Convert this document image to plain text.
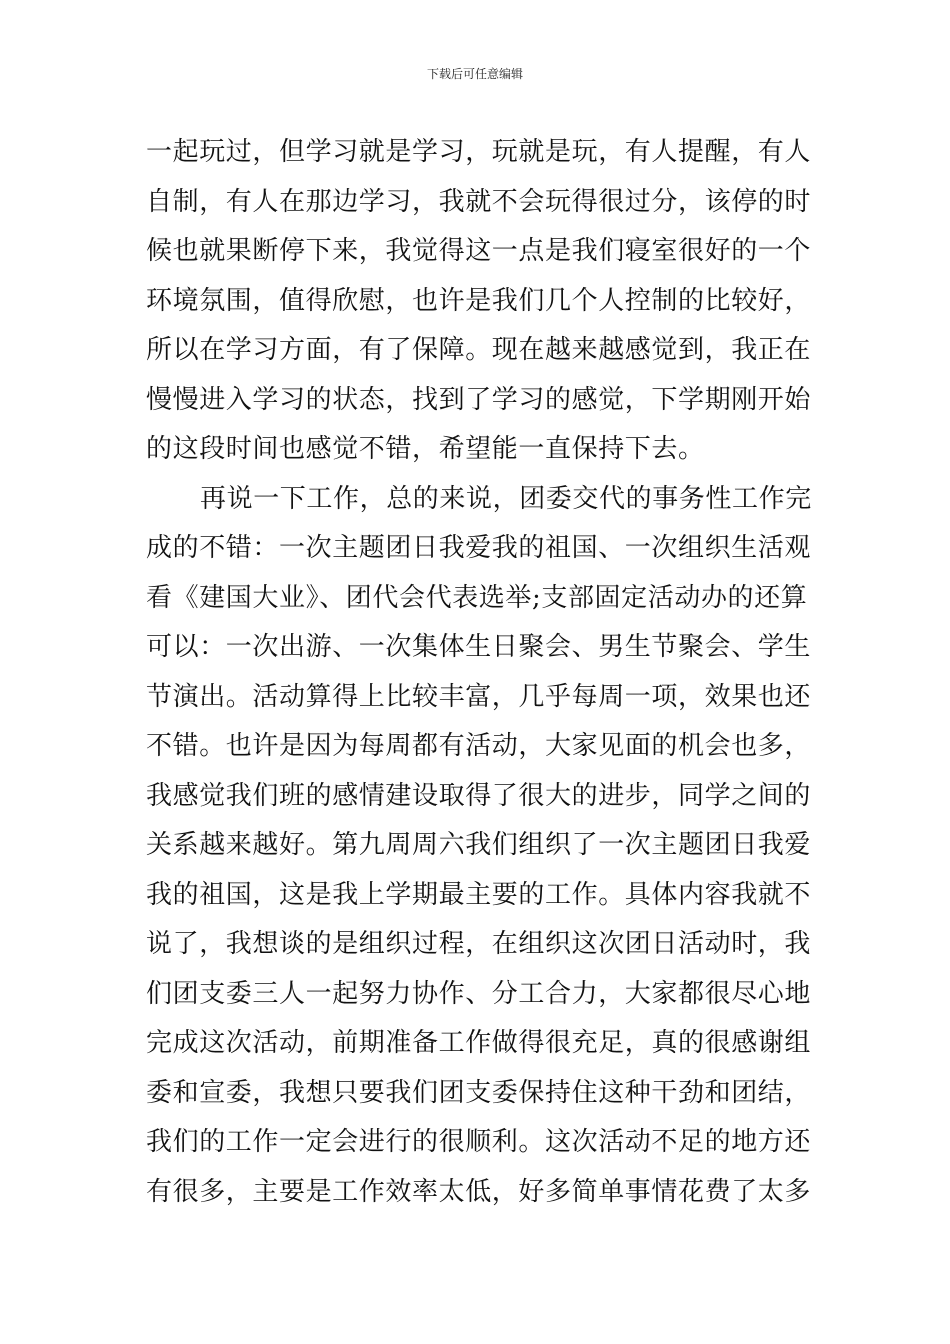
下载后可任意编辑
一起玩过，但学习就是学习，玩就是玩，有人提醒，有人
自制，有人在那边学习，我就不会玩得很过分，该停的时
候也就果断停下来，我觉得这一点是我们寝室很好的一个
环境氛围，值得欣慰，也许是我们几个人控制的比较好，
所以在学习方面，有了保障。现在越来越感觉到，我正在
慢慢进入学习的状态，找到了学习的感觉，下学期刚开始
的这段时间也感觉不错，希望能一直保持下去。
再说一下工作，总的来说，团委交代的事务性工作完
成的不错：一次主题团日我爱我的祖国、一次组织生活观
看《建国大业》、团代会代表选举;支部固定活动办的还算
可以：一次出游、一次集体生日聚会、男生节聚会、学生
节演出。活动算得上比较丰富，几乎每周一项，效果也还
不错。也许是因为每周都有活动，大家见面的机会也多，
我感觉我们班的感情建设取得了很大的进步，同学之间的
关系越来越好。第九周周六我们组织了一次主题团日我爱
我的祖国，这是我上学期最主要的工作。具体内容我就不
说了，我想谈的是组织过程，在组织这次团日活动时，我
们团支委三人一起努力协作、分工合力，大家都很尽心地
完成这次活动，前期准备工作做得很充足，真的很感谢组
委和宣委，我想只要我们团支委保持住这种干劲和团结，
我们的工作一定会进行的很顺利。这次活动不足的地方还
有很多，主要是工作效率太低，好多简单事情花费了太多
